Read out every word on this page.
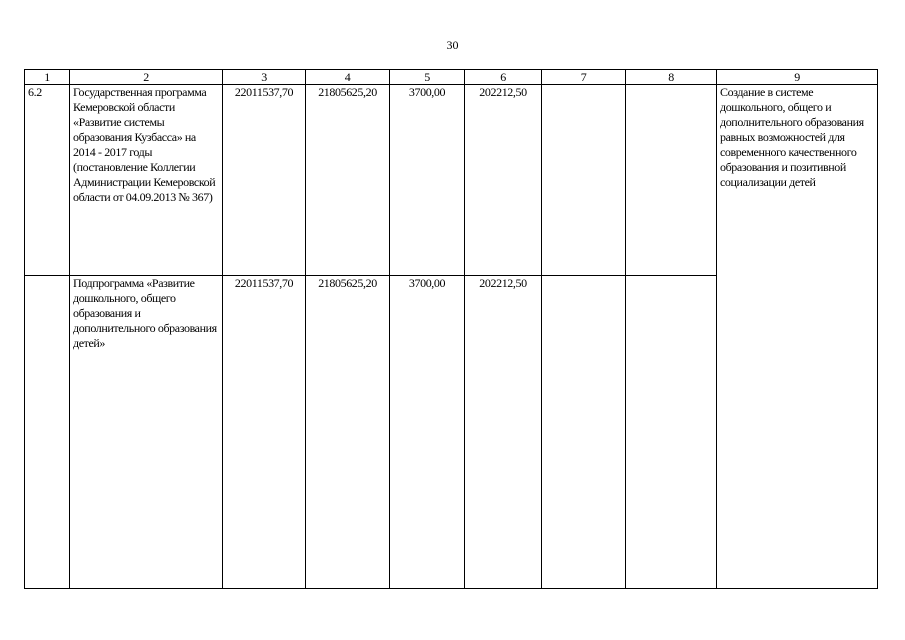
30
1	2	3	4	5	6	7	8	9
6.2	Государственная программа Кемеровской области «Развитие системы образования Кузбасса» на 2014 - 2017 годы (постановление Коллегии Администрации Кемеровской области от 04.09.2013 № 367)	22011537,70	21805625,20	3700,00	202212,50			Создание в системе дошкольного, общего и дополнительного образования равных возможностей для современного качественного образования и позитивной социализации детей
	Подпрограмма «Развитие дошкольного, общего образования и дополнительного образования детей»	22011537,70	21805625,20	3700,00	202212,50			
